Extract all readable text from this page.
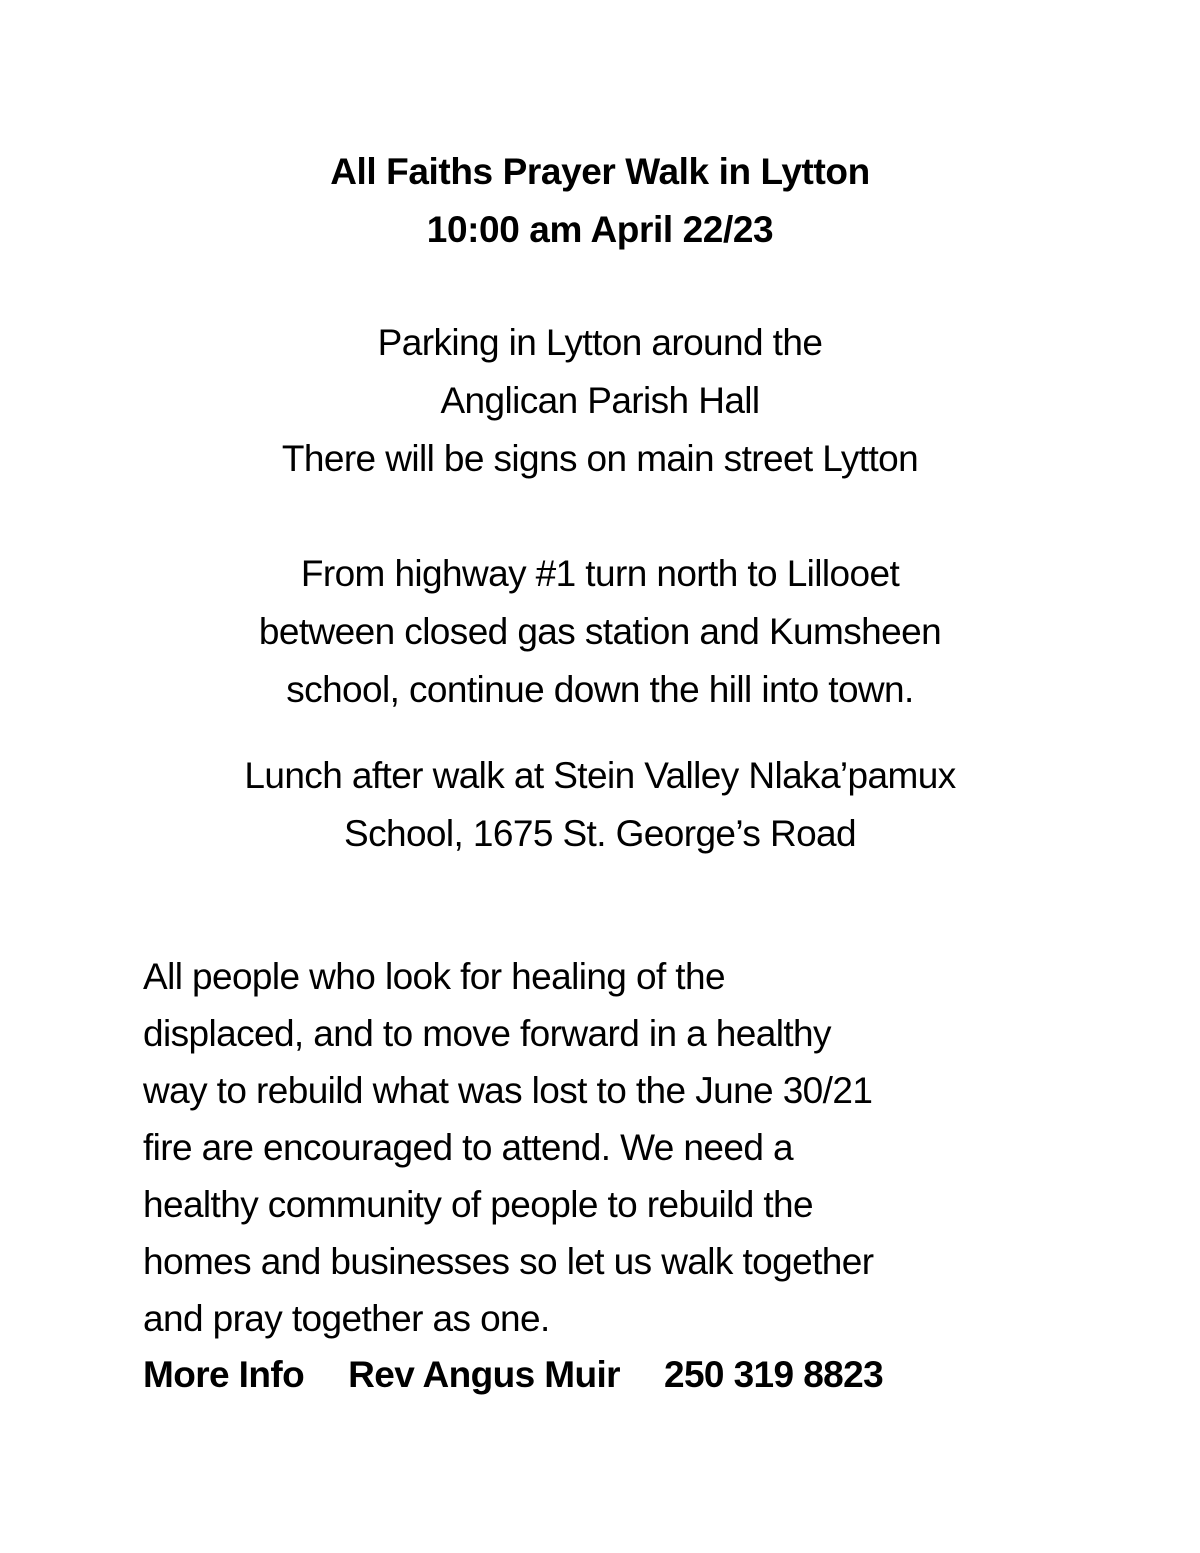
All Faiths Prayer Walk in Lytton
10:00 am April 22/23
Parking in Lytton around the
Anglican Parish Hall
There will be signs on main street Lytton
From highway #1 turn north to Lillooet
between closed gas station and Kumsheen
school, continue down the hill into town.
Lunch after walk at Stein Valley Nlaka’pamux
School, 1675 St. George’s Road
All people who look for healing of the
displaced, and to move forward in a healthy
way to rebuild what was lost to the June 30/21
fire are encouraged to attend. We need a
healthy community of people to rebuild the
homes and businesses so let us walk together
and pray together as one.
More Info Rev Angus Muir 250 319 8823
